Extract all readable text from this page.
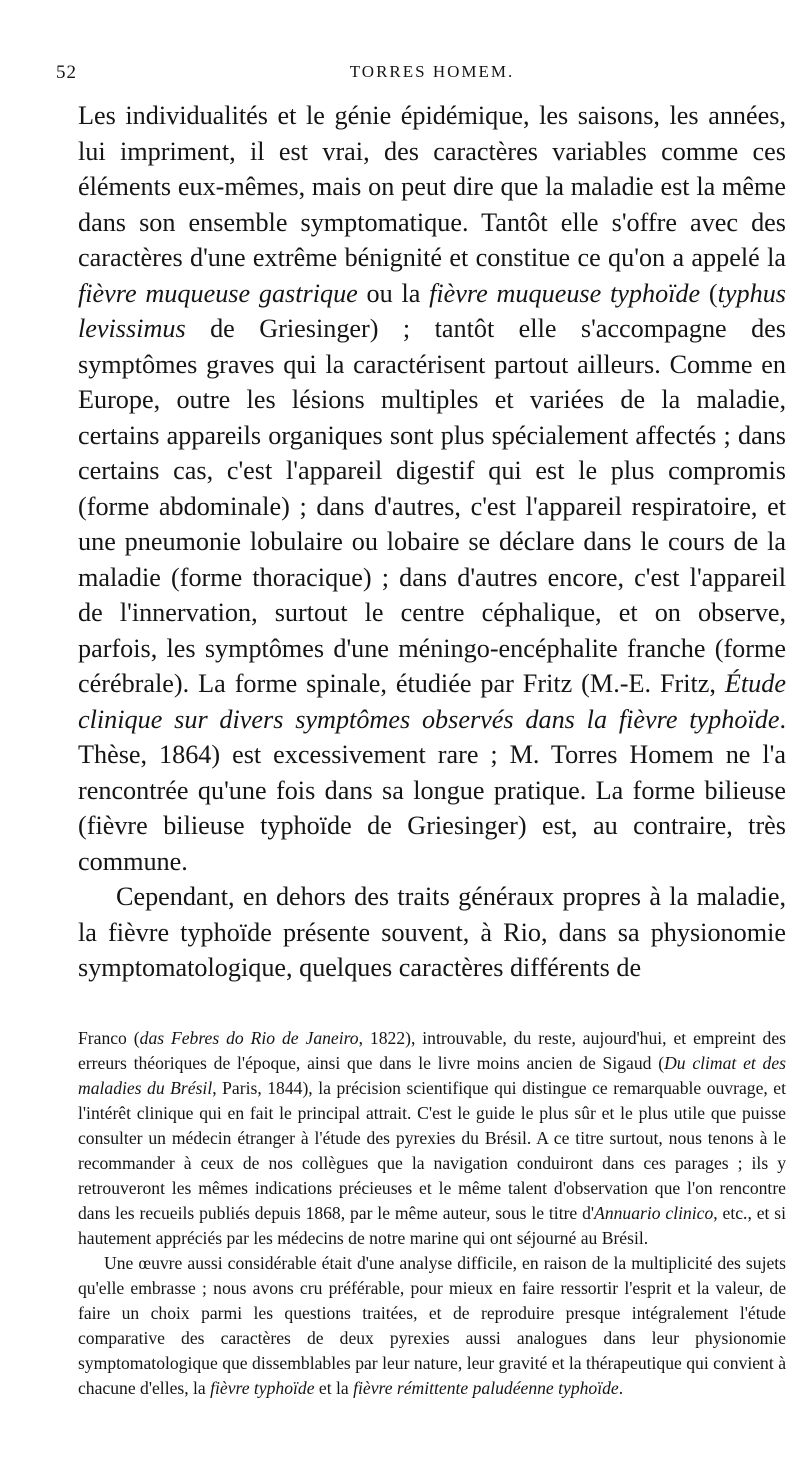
52	TORRES HOMEM.

Les individualités et le génie épidémique, les saisons, les années, lui impriment, il est vrai, des caractères variables comme ces éléments eux-mêmes, mais on peut dire que la maladie est la même dans son ensemble symptomatique. Tantôt elle s'offre avec des caractères d'une extrême bénignité et constitue ce qu'on a appelé la fièvre muqueuse gastrique ou la fièvre muqueuse typhoïde (typhus levissimus de Griesinger) ; tantôt elle s'accompagne des symptômes graves qui la caractérisent partout ailleurs. Comme en Europe, outre les lésions multiples et variées de la maladie, certains appareils organiques sont plus spécialement affectés ; dans certains cas, c'est l'appareil digestif qui est le plus compromis (forme abdominale) ; dans d'autres, c'est l'appareil respiratoire, et une pneumonie lobulaire ou lobaire se déclare dans le cours de la maladie (forme thoracique) ; dans d'autres encore, c'est l'appareil de l'innervation, surtout le centre céphalique, et on observe, parfois, les symptômes d'une méningo-encéphalite franche (forme cérébrale). La forme spinale, étudiée par Fritz (M.-E. Fritz, Étude clinique sur divers symptômes observés dans la fièvre typhoïde. Thèse, 1864) est excessivement rare ; M. Torres Homem ne l'a rencontrée qu'une fois dans sa longue pratique. La forme bilieuse (fièvre bilieuse typhoïde de Griesinger) est, au contraire, très commune.

Cependant, en dehors des traits généraux propres à la maladie, la fièvre typhoïde présente souvent, à Rio, dans sa physionomie symptomatologique, quelques caractères différents de

Franco (das Febres do Rio de Janeiro, 1822), introuvable, du reste, aujourd'hui, et empreint des erreurs théoriques de l'époque, ainsi que dans le livre moins ancien de Sigaud (Du climat et des maladies du Brésil, Paris, 1844), la précision scientifique qui distingue ce remarquable ouvrage, et l'intérêt clinique qui en fait le principal attrait. C'est le guide le plus sûr et le plus utile que puisse consulter un médecin étranger à l'étude des pyrexies du Brésil. A ce titre surtout, nous tenons à le recommander à ceux de nos collègues que la navigation conduiront dans ces parages ; ils y retrouveront les mêmes indications précieuses et le même talent d'observation que l'on rencontre dans les recueils publiés depuis 1868, par le même auteur, sous le titre d'Annuario clinico, etc., et si hautement appréciés par les médecins de notre marine qui ont séjourné au Brésil.

Une œuvre aussi considérable était d'une analyse difficile, en raison de la multiplicité des sujets qu'elle embrasse ; nous avons cru préférable, pour mieux en faire ressortir l'esprit et la valeur, de faire un choix parmi les questions traitées, et de reproduire presque intégralement l'étude comparative des caractères de deux pyrexies aussi analogues dans leur physionomie symptomatologique que dissemblables par leur nature, leur gravité et la thérapeutique qui convient à chacune d'elles, la fièvre typhoïde et la fièvre rémittente paludéenne typhoïde.
